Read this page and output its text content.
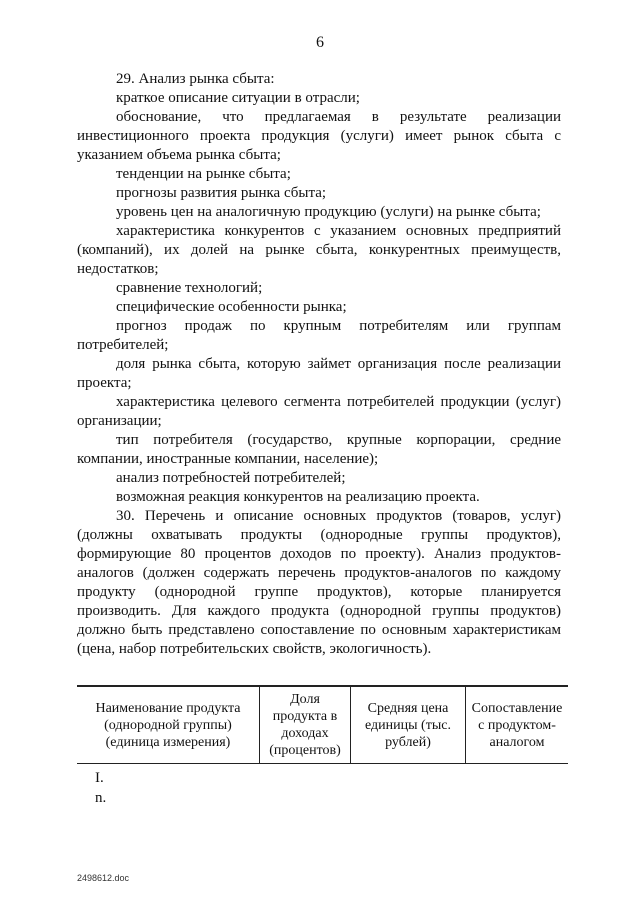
6

29. Анализ рынка сбыта:

краткое описание ситуации в отрасли;

обоснование, что предлагаемая в результате реализации инвестиционного проекта продукция (услуги) имеет рынок сбыта с указанием объема рынка сбыта;

тенденции на рынке сбыта;

прогнозы развития рынка сбыта;

уровень цен на аналогичную продукцию (услуги) на рынке сбыта;

характеристика конкурентов с указанием основных предприятий (компаний), их долей на рынке сбыта, конкурентных преимуществ, недостатков;

сравнение технологий;

специфические особенности рынка;

прогноз продаж по крупным потребителям или группам потребителей;

доля рынка сбыта, которую займет организация после реализации проекта;

характеристика целевого сегмента потребителей продукции (услуг) организации;

тип потребителя (государство, крупные корпорации, средние компании, иностранные компании, население);

анализ потребностей потребителей;

возможная реакция конкурентов на реализацию проекта.

30. Перечень и описание основных продуктов (товаров, услуг) (должны охватывать продукты (однородные группы продуктов), формирующие 80 процентов доходов по проекту). Анализ продуктов-аналогов (должен содержать перечень продуктов-аналогов по каждому продукту (однородной группе продуктов), которые планируется производить. Для каждого продукта (однородной группы продуктов) должно быть представлено сопоставление по основным характеристикам (цена, набор потребительских свойств, экологичность).

Наименование продукта (однородной группы) (единица измерения)	Доля продукта в доходах (процентов)	Средняя цена единицы (тыс. рублей)	Сопоставление с продуктом-аналогом
I.
n.
2498612.doc
